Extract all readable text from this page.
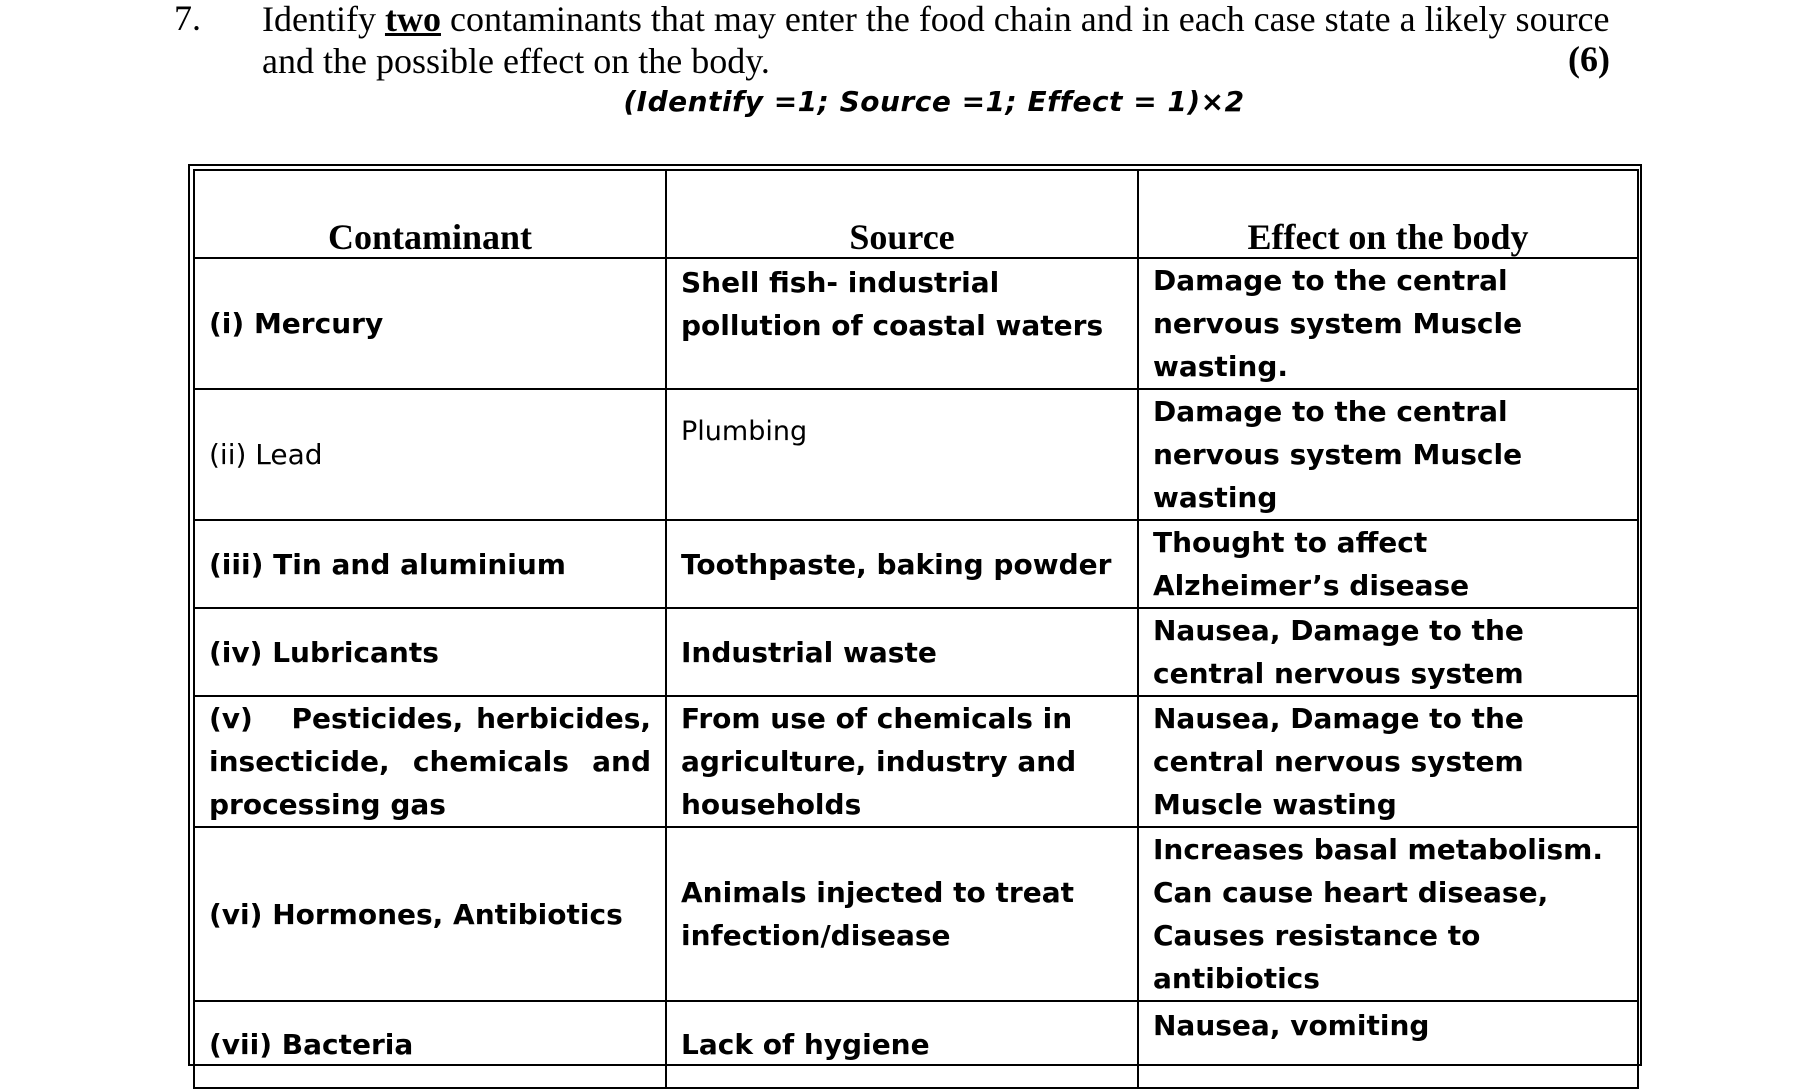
7. Identify two contaminants that may enter the food chain and in each case state a likely source and the possible effect on the body.	(6)
(Identify =1; Source =1; Effect = 1)×2
Contaminant	Source	Effect on the body
(i) Mercury	Shell fish- industrial pollution of coastal waters	Damage to the central nervous system Muscle wasting.
(ii) Lead	Plumbing	Damage to the central nervous system Muscle wasting
(iii) Tin and aluminium	Toothpaste, baking powder	Thought to affect Alzheimer’s disease
(iv) Lubricants	Industrial waste	Nausea, Damage to the central nervous system
(v)   Pesticides, herbicides, insecticide, chemicals and processing gas	From use of chemicals in agriculture, industry and households	Nausea, Damage to the central nervous system Muscle wasting
(vi) Hormones, Antibiotics	Animals injected to treat infection/disease	Increases basal metabolism. Can cause heart disease, Causes resistance to antibiotics
(vii) Bacteria	Lack of hygiene	Nausea, vomiting
